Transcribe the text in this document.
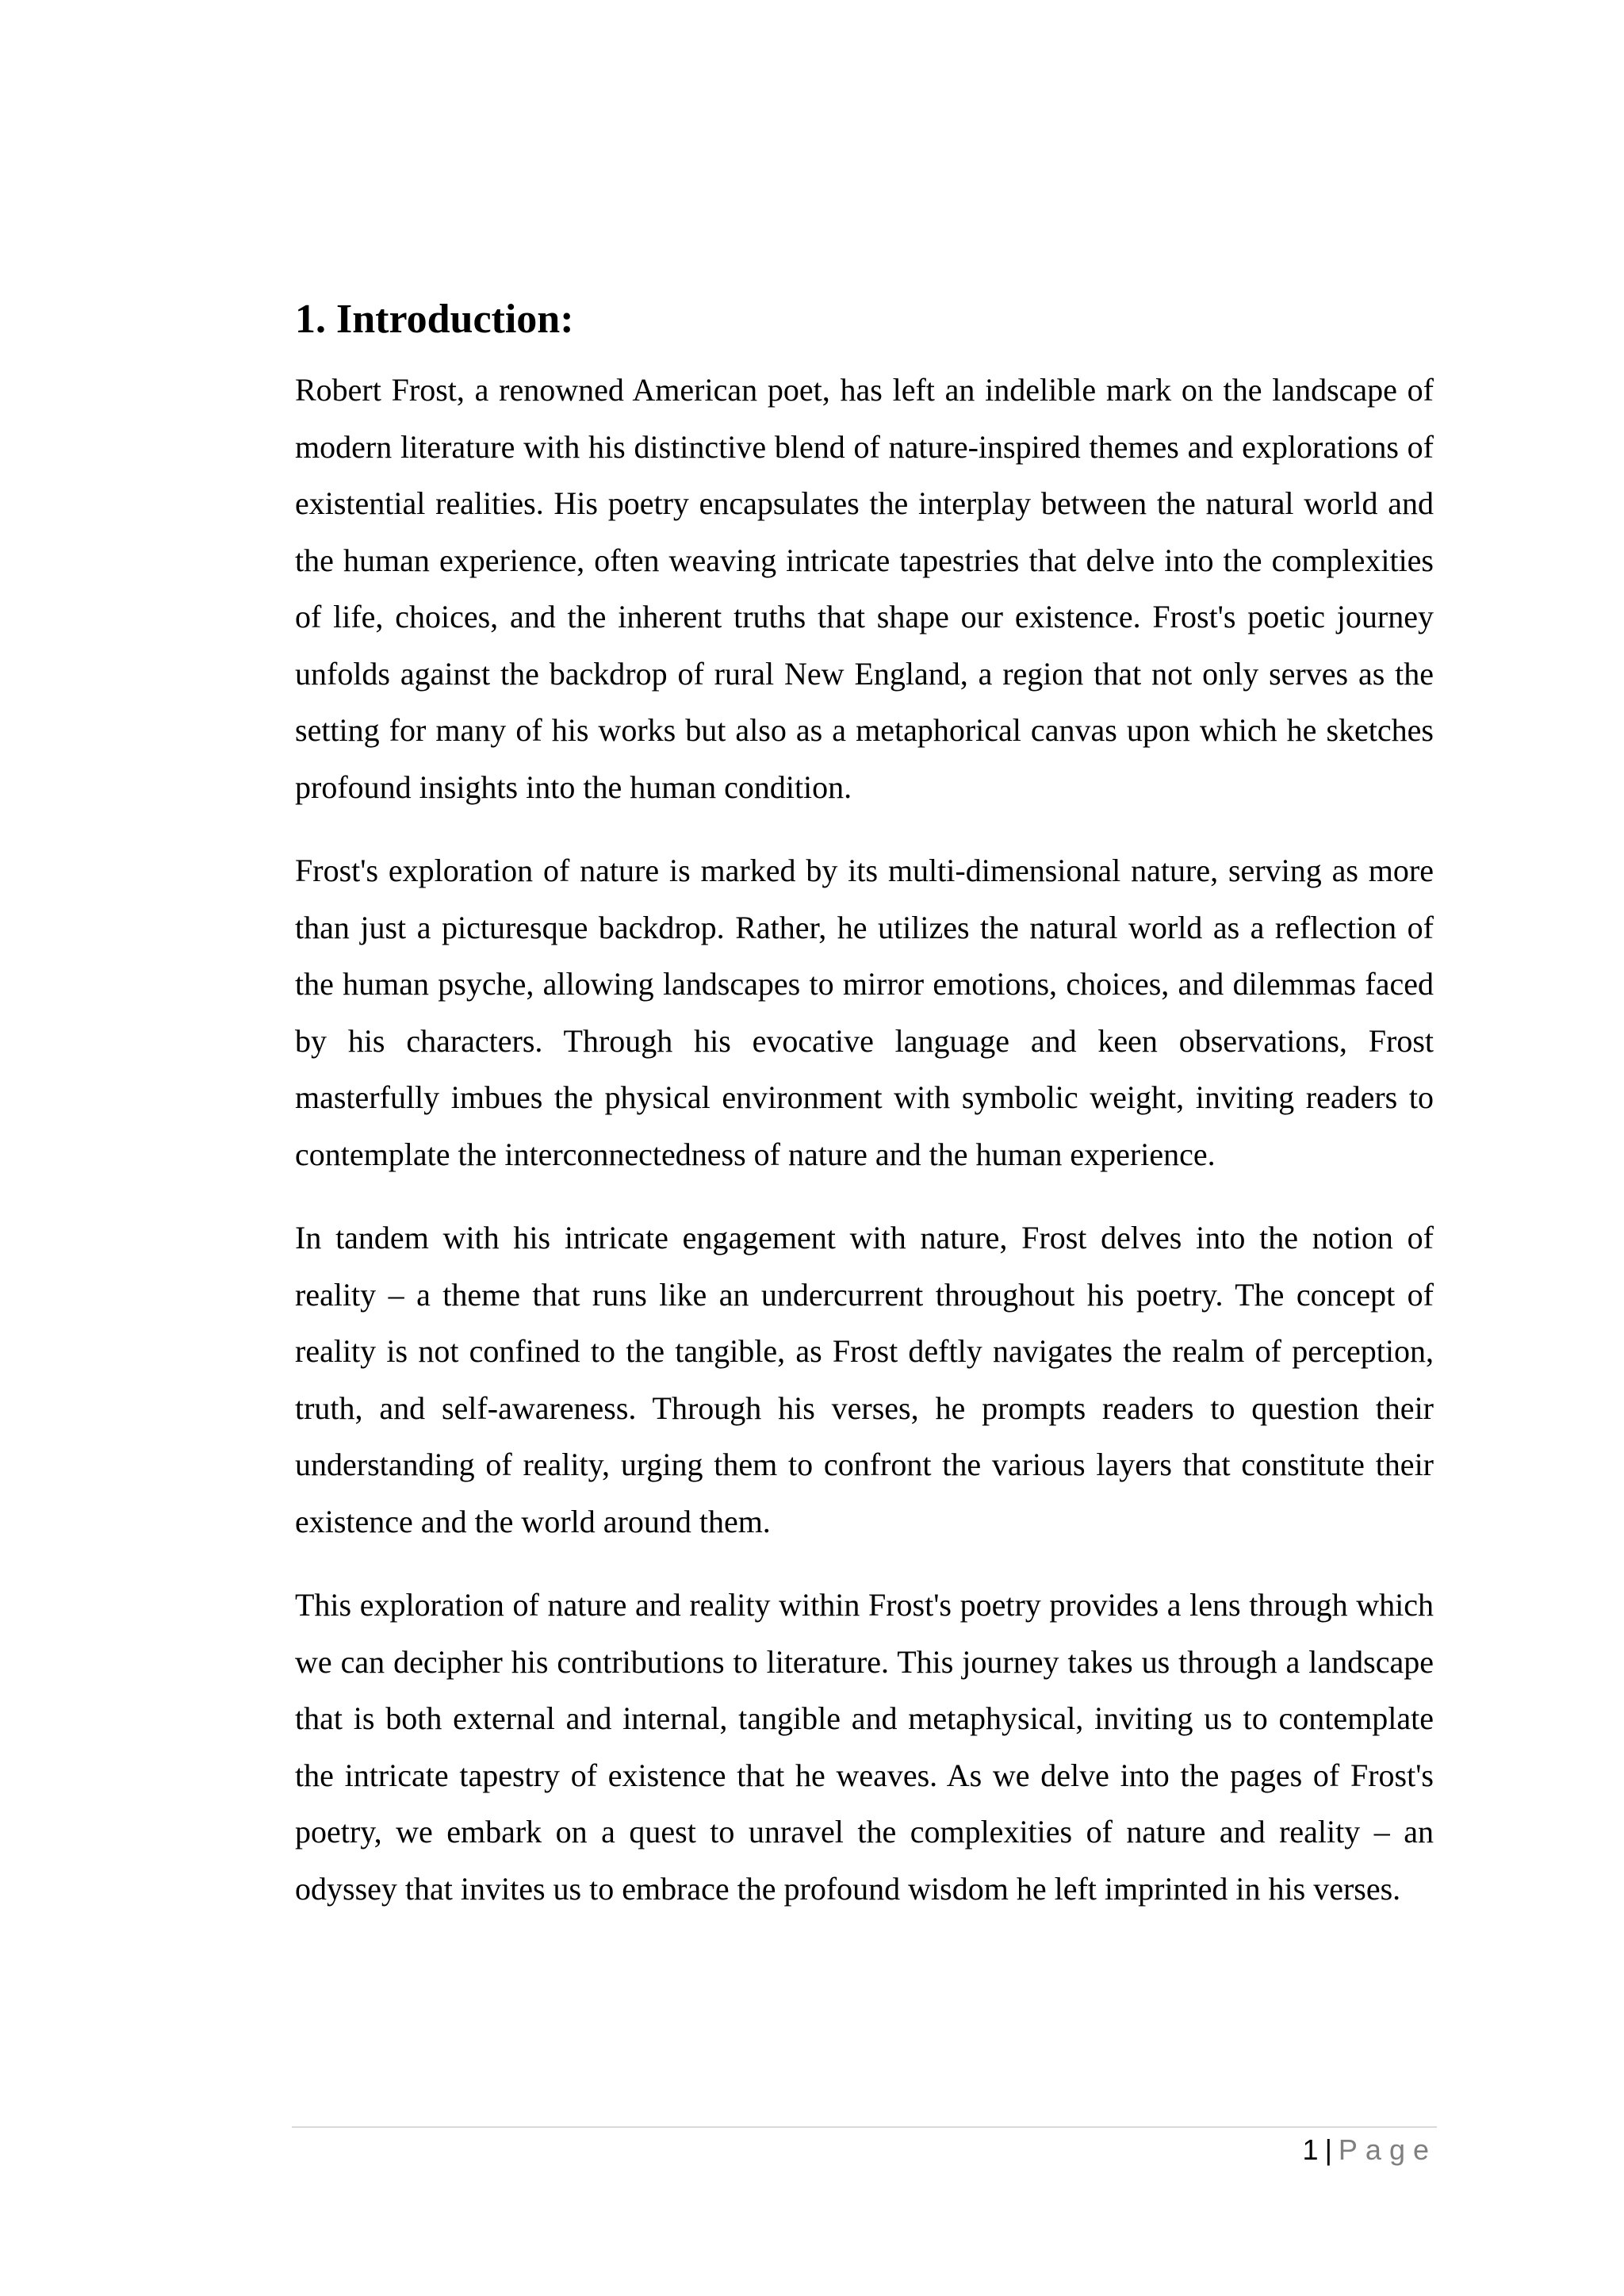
1. Introduction:

Robert Frost, a renowned American poet, has left an indelible mark on the landscape of modern literature with his distinctive blend of nature-inspired themes and explorations of existential realities. His poetry encapsulates the interplay between the natural world and the human experience, often weaving intricate tapestries that delve into the complexities of life, choices, and the inherent truths that shape our existence. Frost's poetic journey unfolds against the backdrop of rural New England, a region that not only serves as the setting for many of his works but also as a metaphorical canvas upon which he sketches profound insights into the human condition.

Frost's exploration of nature is marked by its multi-dimensional nature, serving as more than just a picturesque backdrop. Rather, he utilizes the natural world as a reflection of the human psyche, allowing landscapes to mirror emotions, choices, and dilemmas faced by his characters. Through his evocative language and keen observations, Frost masterfully imbues the physical environment with symbolic weight, inviting readers to contemplate the interconnectedness of nature and the human experience.

In tandem with his intricate engagement with nature, Frost delves into the notion of reality – a theme that runs like an undercurrent throughout his poetry. The concept of reality is not confined to the tangible, as Frost deftly navigates the realm of perception, truth, and self-awareness. Through his verses, he prompts readers to question their understanding of reality, urging them to confront the various layers that constitute their existence and the world around them.

This exploration of nature and reality within Frost's poetry provides a lens through which we can decipher his contributions to literature. This journey takes us through a landscape that is both external and internal, tangible and metaphysical, inviting us to contemplate the intricate tapestry of existence that he weaves. As we delve into the pages of Frost's poetry, we embark on a quest to unravel the complexities of nature and reality – an odyssey that invites us to embrace the profound wisdom he left imprinted in his verses.

1 | Page
